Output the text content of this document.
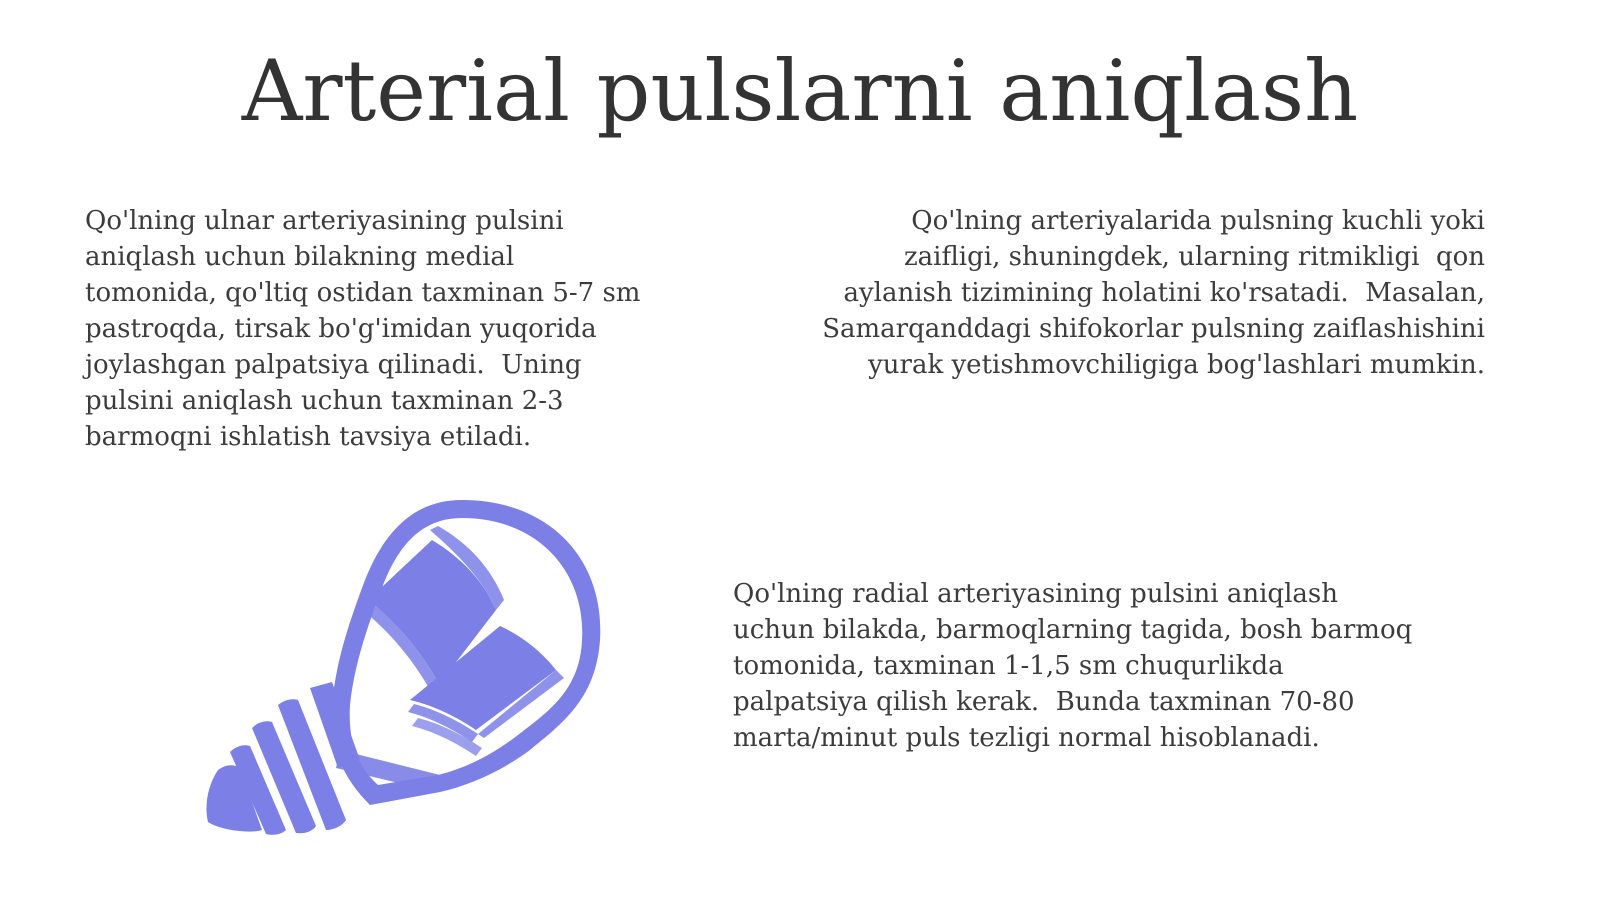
Arterial pulslarni aniqlash

Qo'lning ulnar arteriyasining pulsini
aniqlash uchun bilakning medial
tomonida, qo'ltiq ostidan taxminan 5-7 sm
pastroqda, tirsak bo'g'imidan yuqorida
joylashgan palpatsiya qilinadi.  Uning
pulsini aniqlash uchun taxminan 2-3
barmoqni ishlatish tavsiya etiladi.

Qo'lning arteriyalarida pulsning kuchli yoki
zaifligi, shuningdek, ularning ritmikligi  qon
aylanish tizimining holatini ko'rsatadi.  Masalan,
Samarqanddagi shifokorlar pulsning zaiflashishini
yurak yetishmovchiligiga bog'lashlari mumkin.

Qo'lning radial arteriyasining pulsini aniqlash
uchun bilakda, barmoqlarning tagida, bosh barmoq
tomonida, taxminan 1-1,5 sm chuqurlikda
palpatsiya qilish kerak.  Bunda taxminan 70-80
marta/minut puls tezligi normal hisoblanadi.
